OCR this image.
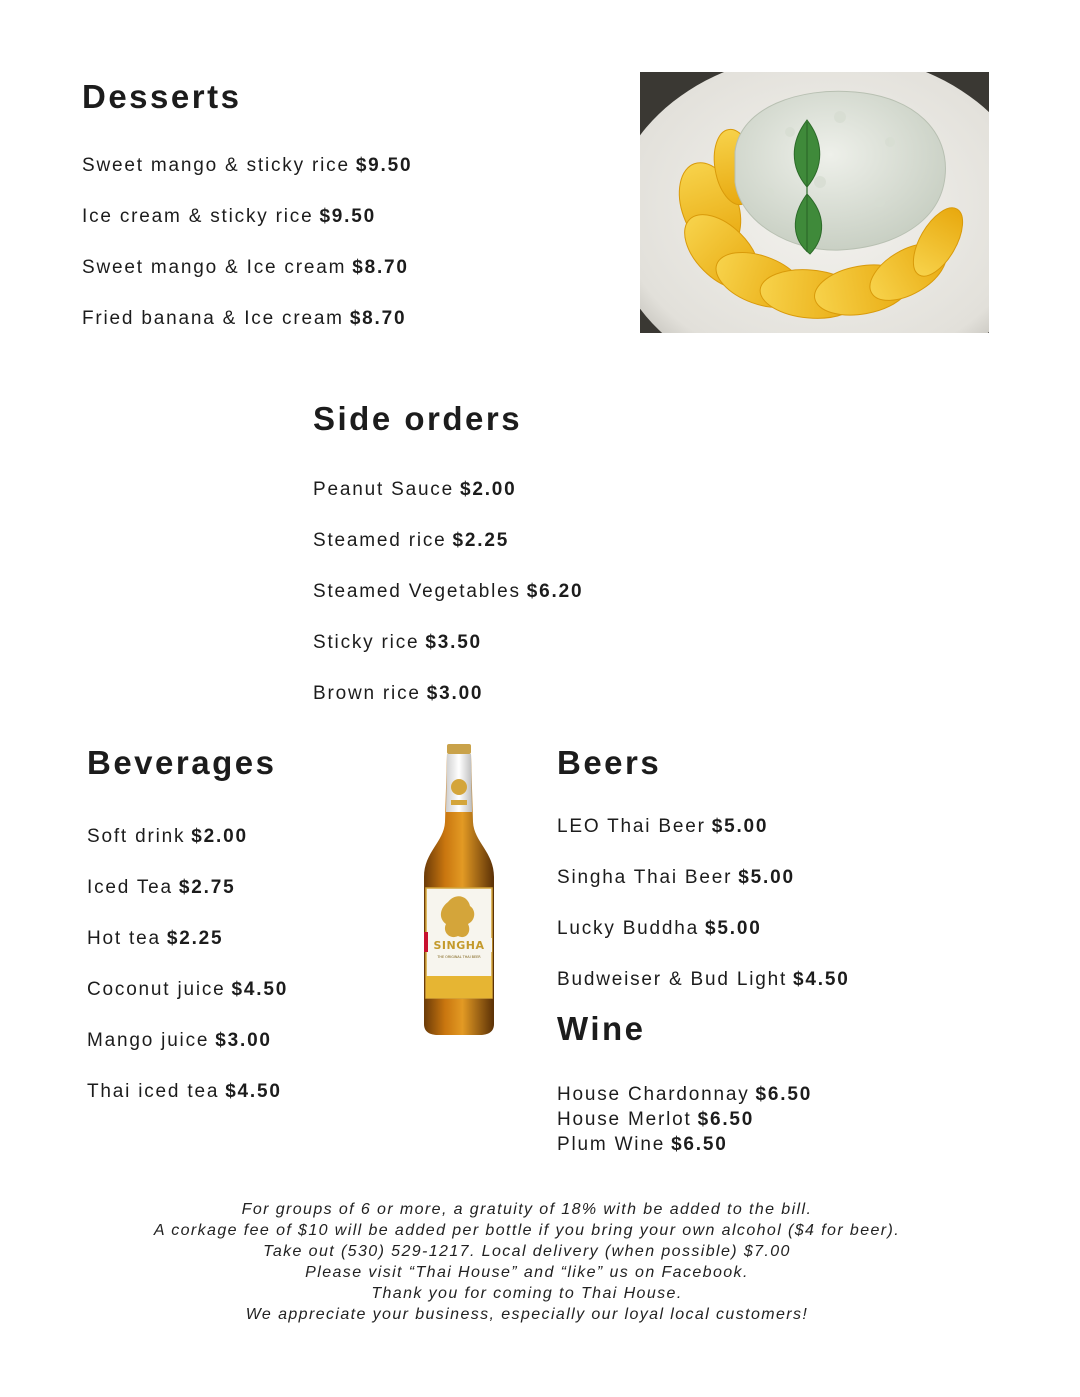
Desserts
Sweet mango & sticky rice $9.50
Ice cream & sticky rice $9.50
Sweet mango & Ice cream $8.70
Fried banana & Ice cream $8.70
Side orders
Peanut Sauce $2.00
Steamed rice $2.25
Steamed Vegetables $6.20
Sticky rice $3.50
Brown rice $3.00
Beverages
Soft drink $2.00
Iced Tea $2.75
Hot tea $2.25
Coconut juice $4.50
Mango juice $3.00
Thai iced tea $4.50
SINGHA
THE ORIGINAL THAI BEER
Beers
LEO Thai Beer $5.00
Singha Thai Beer $5.00
Lucky Buddha $5.00
Budweiser & Bud Light $4.50
Wine
House Chardonnay $6.50
House Merlot $6.50
Plum Wine $6.50
For groups of 6 or more, a gratuity of 18% with be added to the bill.
A corkage fee of $10 will be added per bottle if you bring your own alcohol ($4 for beer).
Take out (530) 529-1217. Local delivery (when possible) $7.00
Please visit “Thai House” and “like” us on Facebook.
Thank you for coming to Thai House.
We appreciate your business, especially our loyal local customers!
